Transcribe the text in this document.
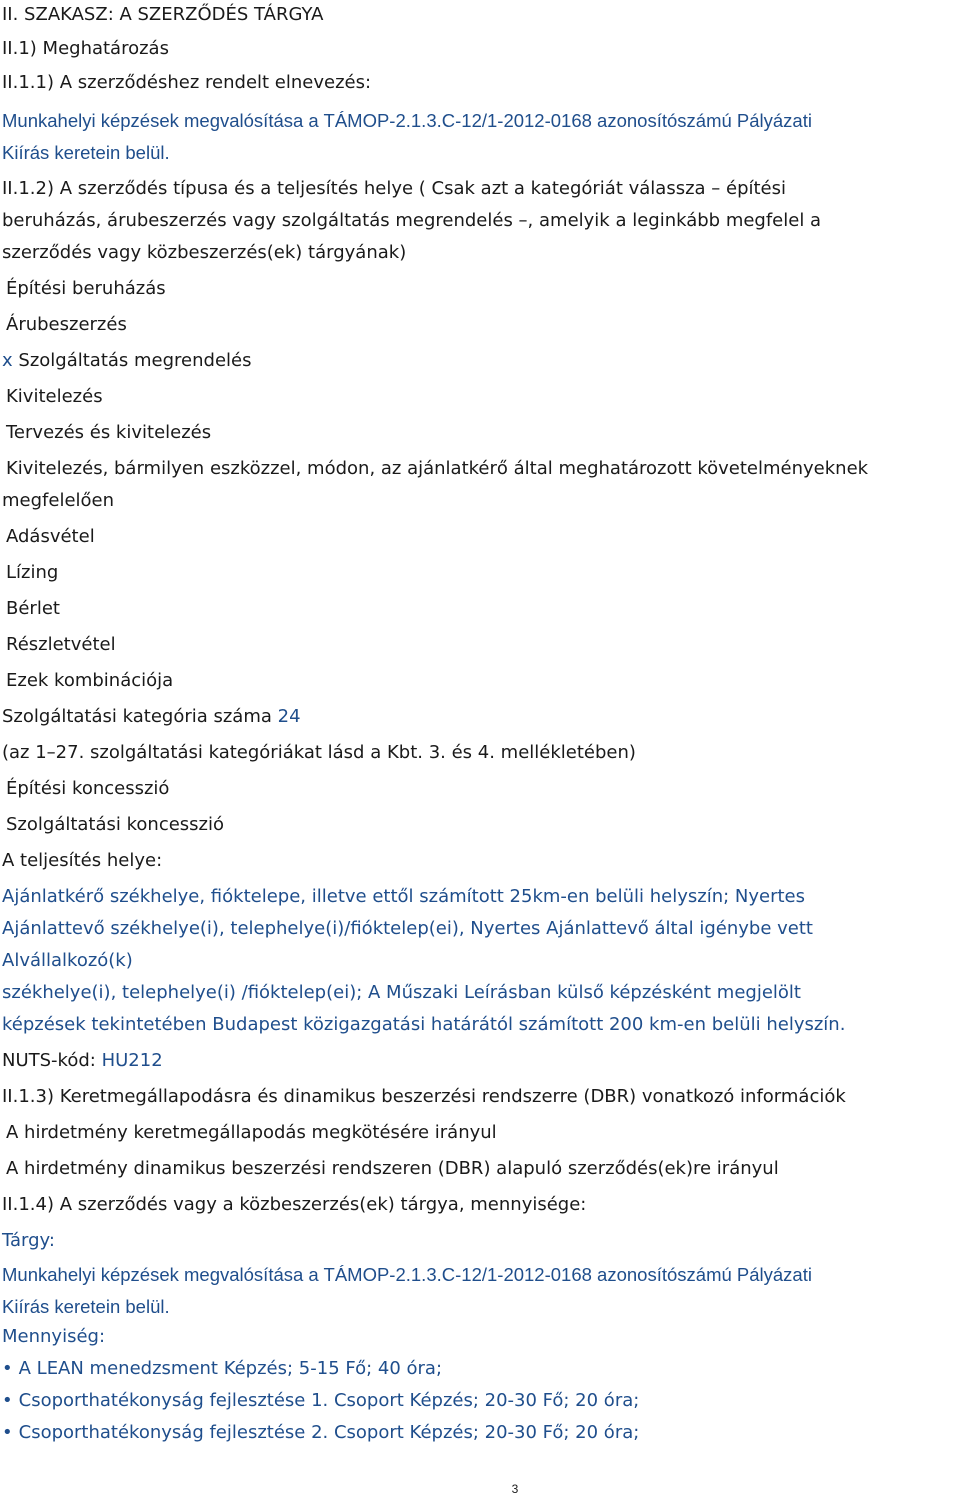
II. SZAKASZ: A SZERZŐDÉS TÁRGYA
II.1) Meghatározás
II.1.1) A szerződéshez rendelt elnevezés:
Munkahelyi képzések megvalósítása a TÁMOP-2.1.3.C-12/1-2012-0168 azonosítószámú Pályázati
Kiírás keretein belül.
II.1.2) A szerződés típusa és a teljesítés helye ( Csak azt a kategóriát válassza – építési
beruházás, árubeszerzés vagy szolgáltatás megrendelés –, amelyik a leginkább megfelel a
szerződés vagy közbeszerzés(ek) tárgyának)
Építési beruházás
Árubeszerzés
x Szolgáltatás megrendelés
Kivitelezés
Tervezés és kivitelezés
Kivitelezés, bármilyen eszközzel, módon, az ajánlatkérő által meghatározott követelményeknek
megfelelően
Adásvétel
Lízing
Bérlet
Részletvétel
Ezek kombinációja
Szolgáltatási kategória száma 24
(az 1–27. szolgáltatási kategóriákat lásd a Kbt. 3. és 4. mellékletében)
Építési koncesszió
Szolgáltatási koncesszió
A teljesítés helye:
Ajánlatkérő székhelye, fióktelepe, illetve ettől számított 25km-en belüli helyszín; Nyertes
Ajánlattevő székhelye(i), telephelye(i)/fióktelep(ei), Nyertes Ajánlattevő által igénybe vett
Alvállalkozó(k)
székhelye(i), telephelye(i) /fióktelep(ei); A Műszaki Leírásban külső képzésként megjelölt
képzések tekintetében Budapest közigazgatási határától számított 200 km-en belüli helyszín.
NUTS-kód: HU212
II.1.3) Keretmegállapodásra és dinamikus beszerzési rendszerre (DBR) vonatkozó információk
A hirdetmény keretmegállapodás megkötésére irányul
A hirdetmény dinamikus beszerzési rendszeren (DBR) alapuló szerződés(ek)re irányul
II.1.4) A szerződés vagy a közbeszerzés(ek) tárgya, mennyisége:
Tárgy:
Munkahelyi képzések megvalósítása a TÁMOP-2.1.3.C-12/1-2012-0168 azonosítószámú Pályázati
Kiírás keretein belül.
Mennyiség:
• A LEAN menedzsment Képzés; 5-15 Fő; 40 óra;
• Csoporthatékonyság fejlesztése 1. Csoport Képzés; 20-30 Fő; 20 óra;
• Csoporthatékonyság fejlesztése 2. Csoport Képzés; 20-30 Fő; 20 óra;
3
